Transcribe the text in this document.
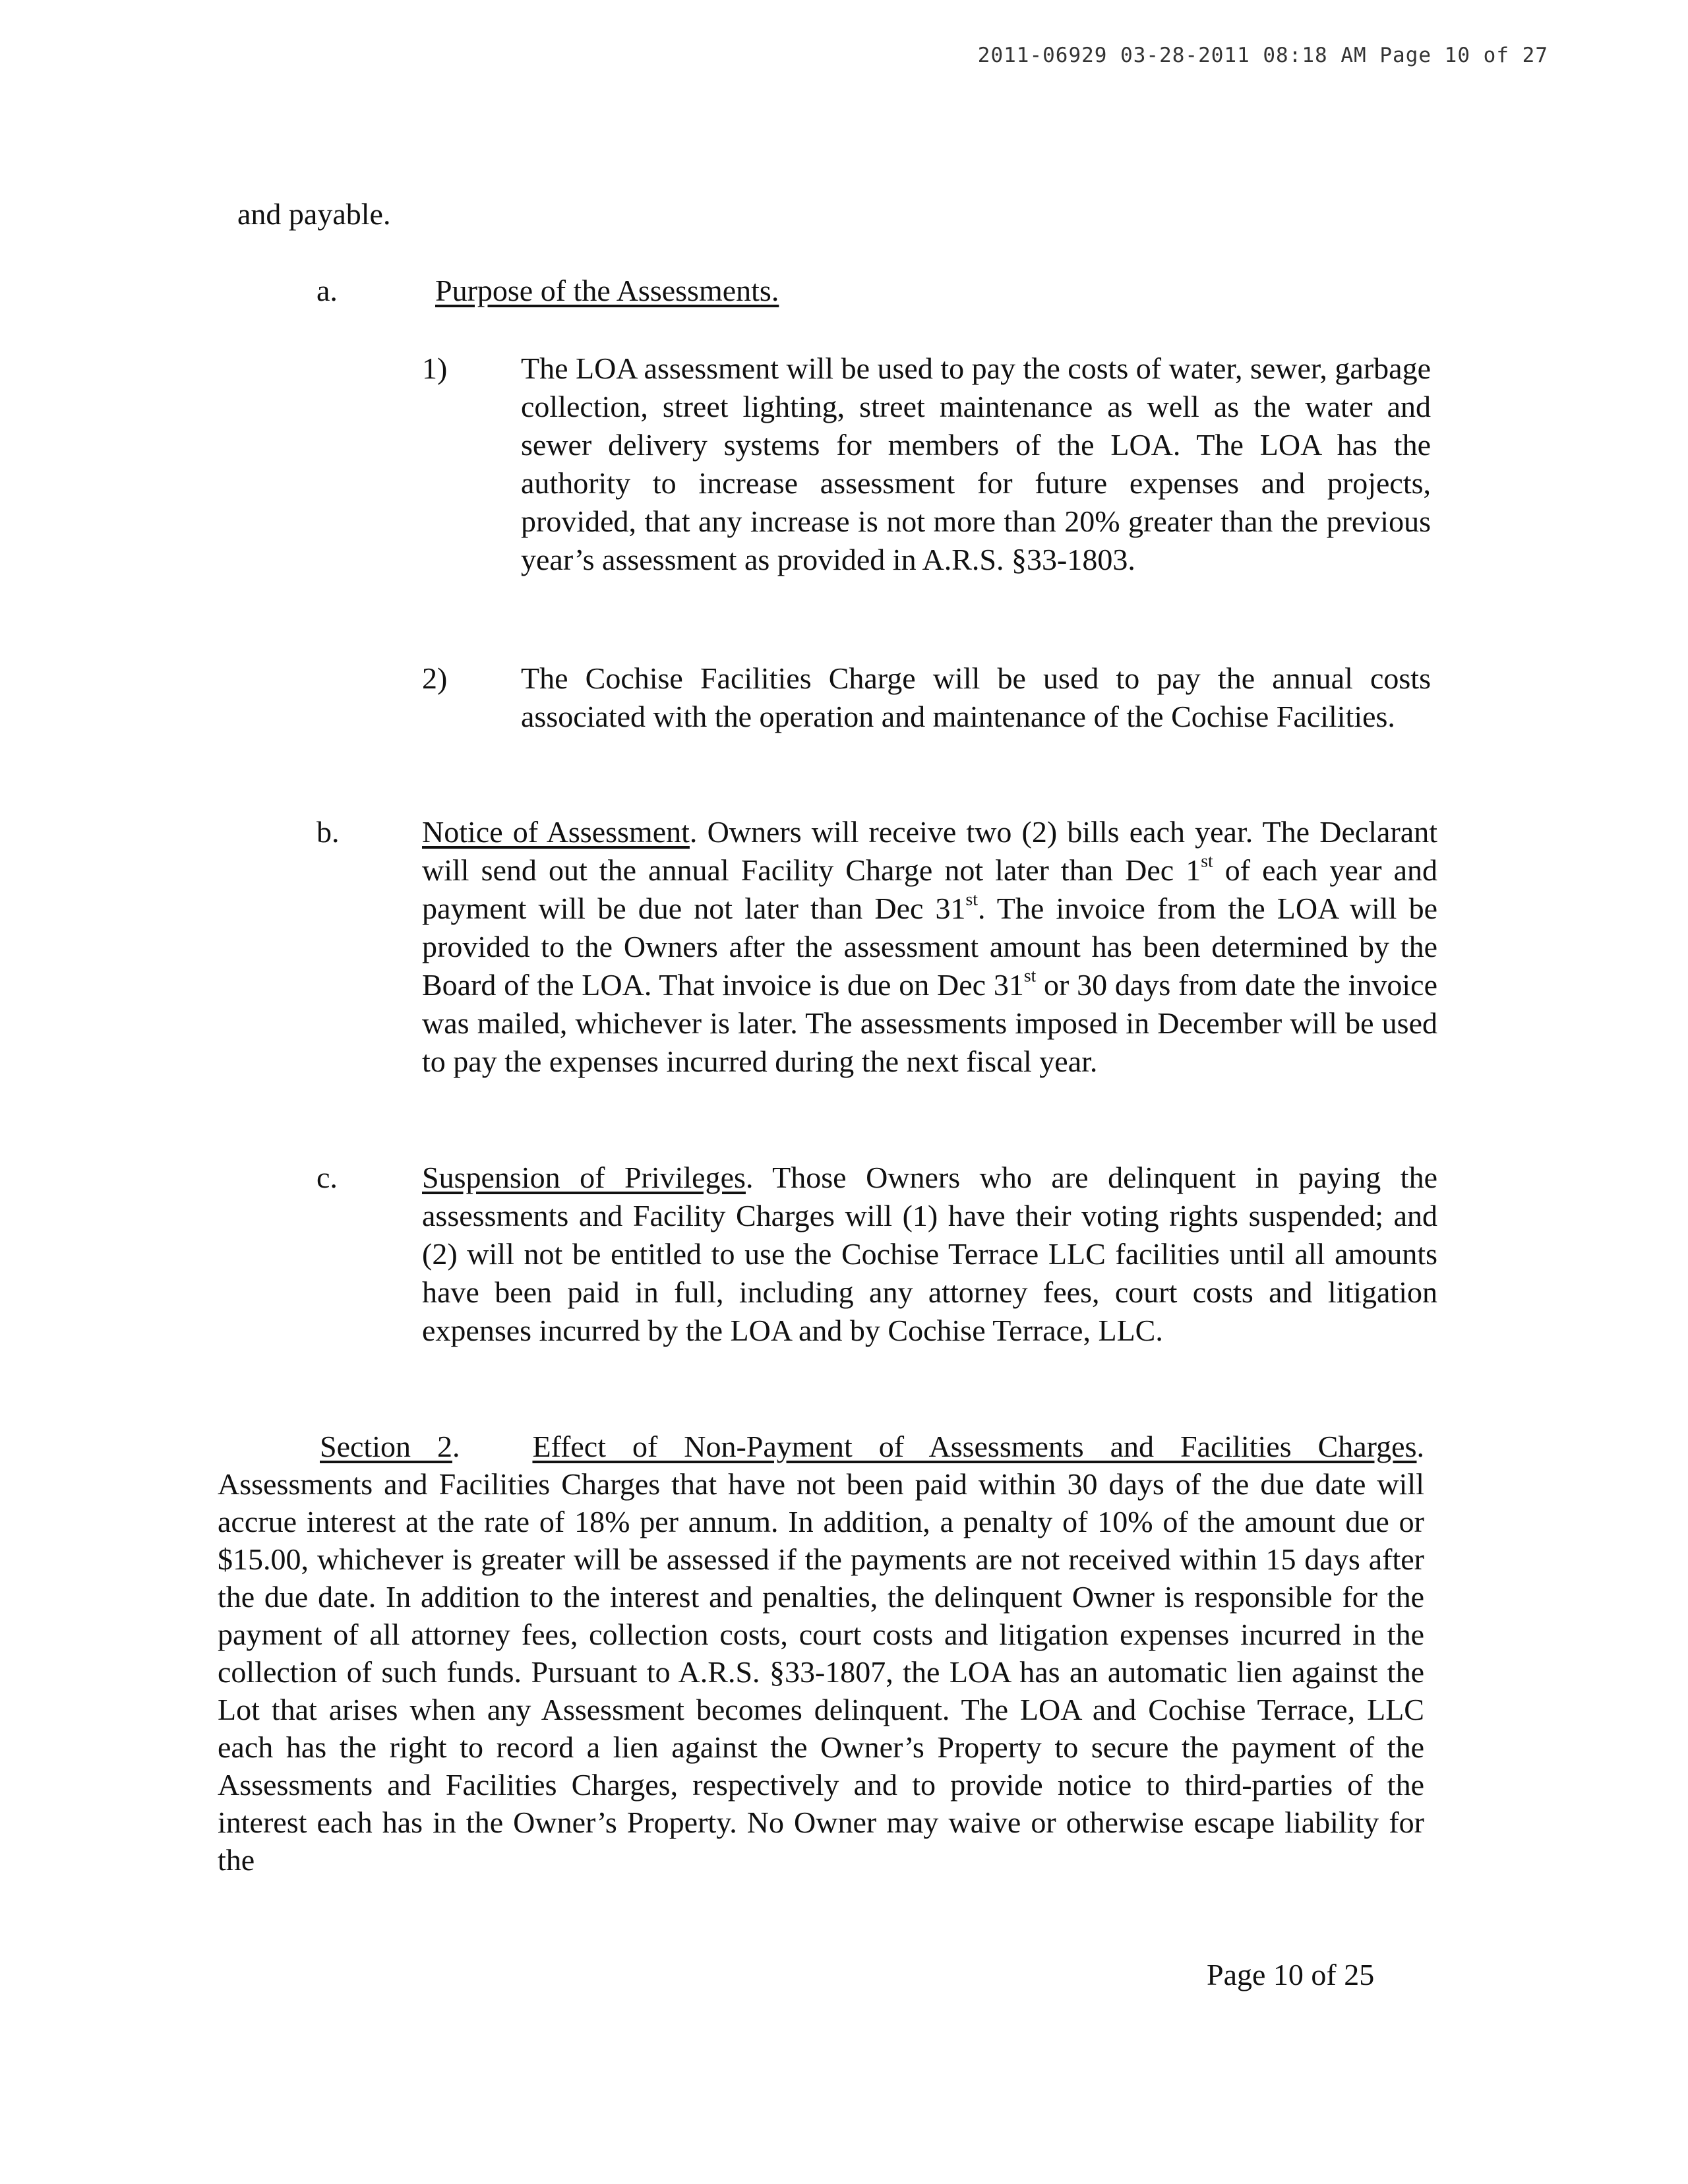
2011-06929 03-28-2011 08:18 AM Page 10 of 27

and payable.

a.	Purpose of the Assessments.
1) The LOA assessment will be used to pay the costs of water, sewer, garbage collection, street lighting, street maintenance as well as the water and sewer delivery systems for members of the LOA. The LOA has the authority to increase assessment for future expenses and projects, provided, that any increase is not more than 20% greater than the previous year’s assessment as provided in A.R.S. §33-1803.

2) The Cochise Facilities Charge will be used to pay the annual costs associated with the operation and maintenance of the Cochise Facilities.

b.	Notice of Assessment. Owners will receive two (2) bills each year. The Declarant will send out the annual Facility Charge not later than Dec 1st of each year and payment will be due not later than Dec 31st. The invoice from the LOA will be provided to the Owners after the assessment amount has been determined by the Board of the LOA. That invoice is due on Dec 31st or 30 days from date the invoice was mailed, whichever is later. The assessments imposed in December will be used to pay the expenses incurred during the next fiscal year.

c.	Suspension of Privileges. Those Owners who are delinquent in paying the assessments and Facility Charges will (1) have their voting rights suspended; and (2) will not be entitled to use the Cochise Terrace LLC facilities until all amounts have been paid in full, including any attorney fees, court costs and litigation expenses incurred by the LOA and by Cochise Terrace, LLC.

Section 2. Effect of Non-Payment of Assessments and Facilities Charges. Assessments and Facilities Charges that have not been paid within 30 days of the due date will accrue interest at the rate of 18% per annum. In addition, a penalty of 10% of the amount due or $15.00, whichever is greater will be assessed if the payments are not received within 15 days after the due date. In addition to the interest and penalties, the delinquent Owner is responsible for the payment of all attorney fees, collection costs, court costs and litigation expenses incurred in the collection of such funds. Pursuant to A.R.S. §33-1807, the LOA has an automatic lien against the Lot that arises when any Assessment becomes delinquent. The LOA and Cochise Terrace, LLC each has the right to record a lien against the Owner’s Property to secure the payment of the Assessments and Facilities Charges, respectively and to provide notice to third-parties of the interest each has in the Owner’s Property. No Owner may waive or otherwise escape liability for the

Page 10 of 25
